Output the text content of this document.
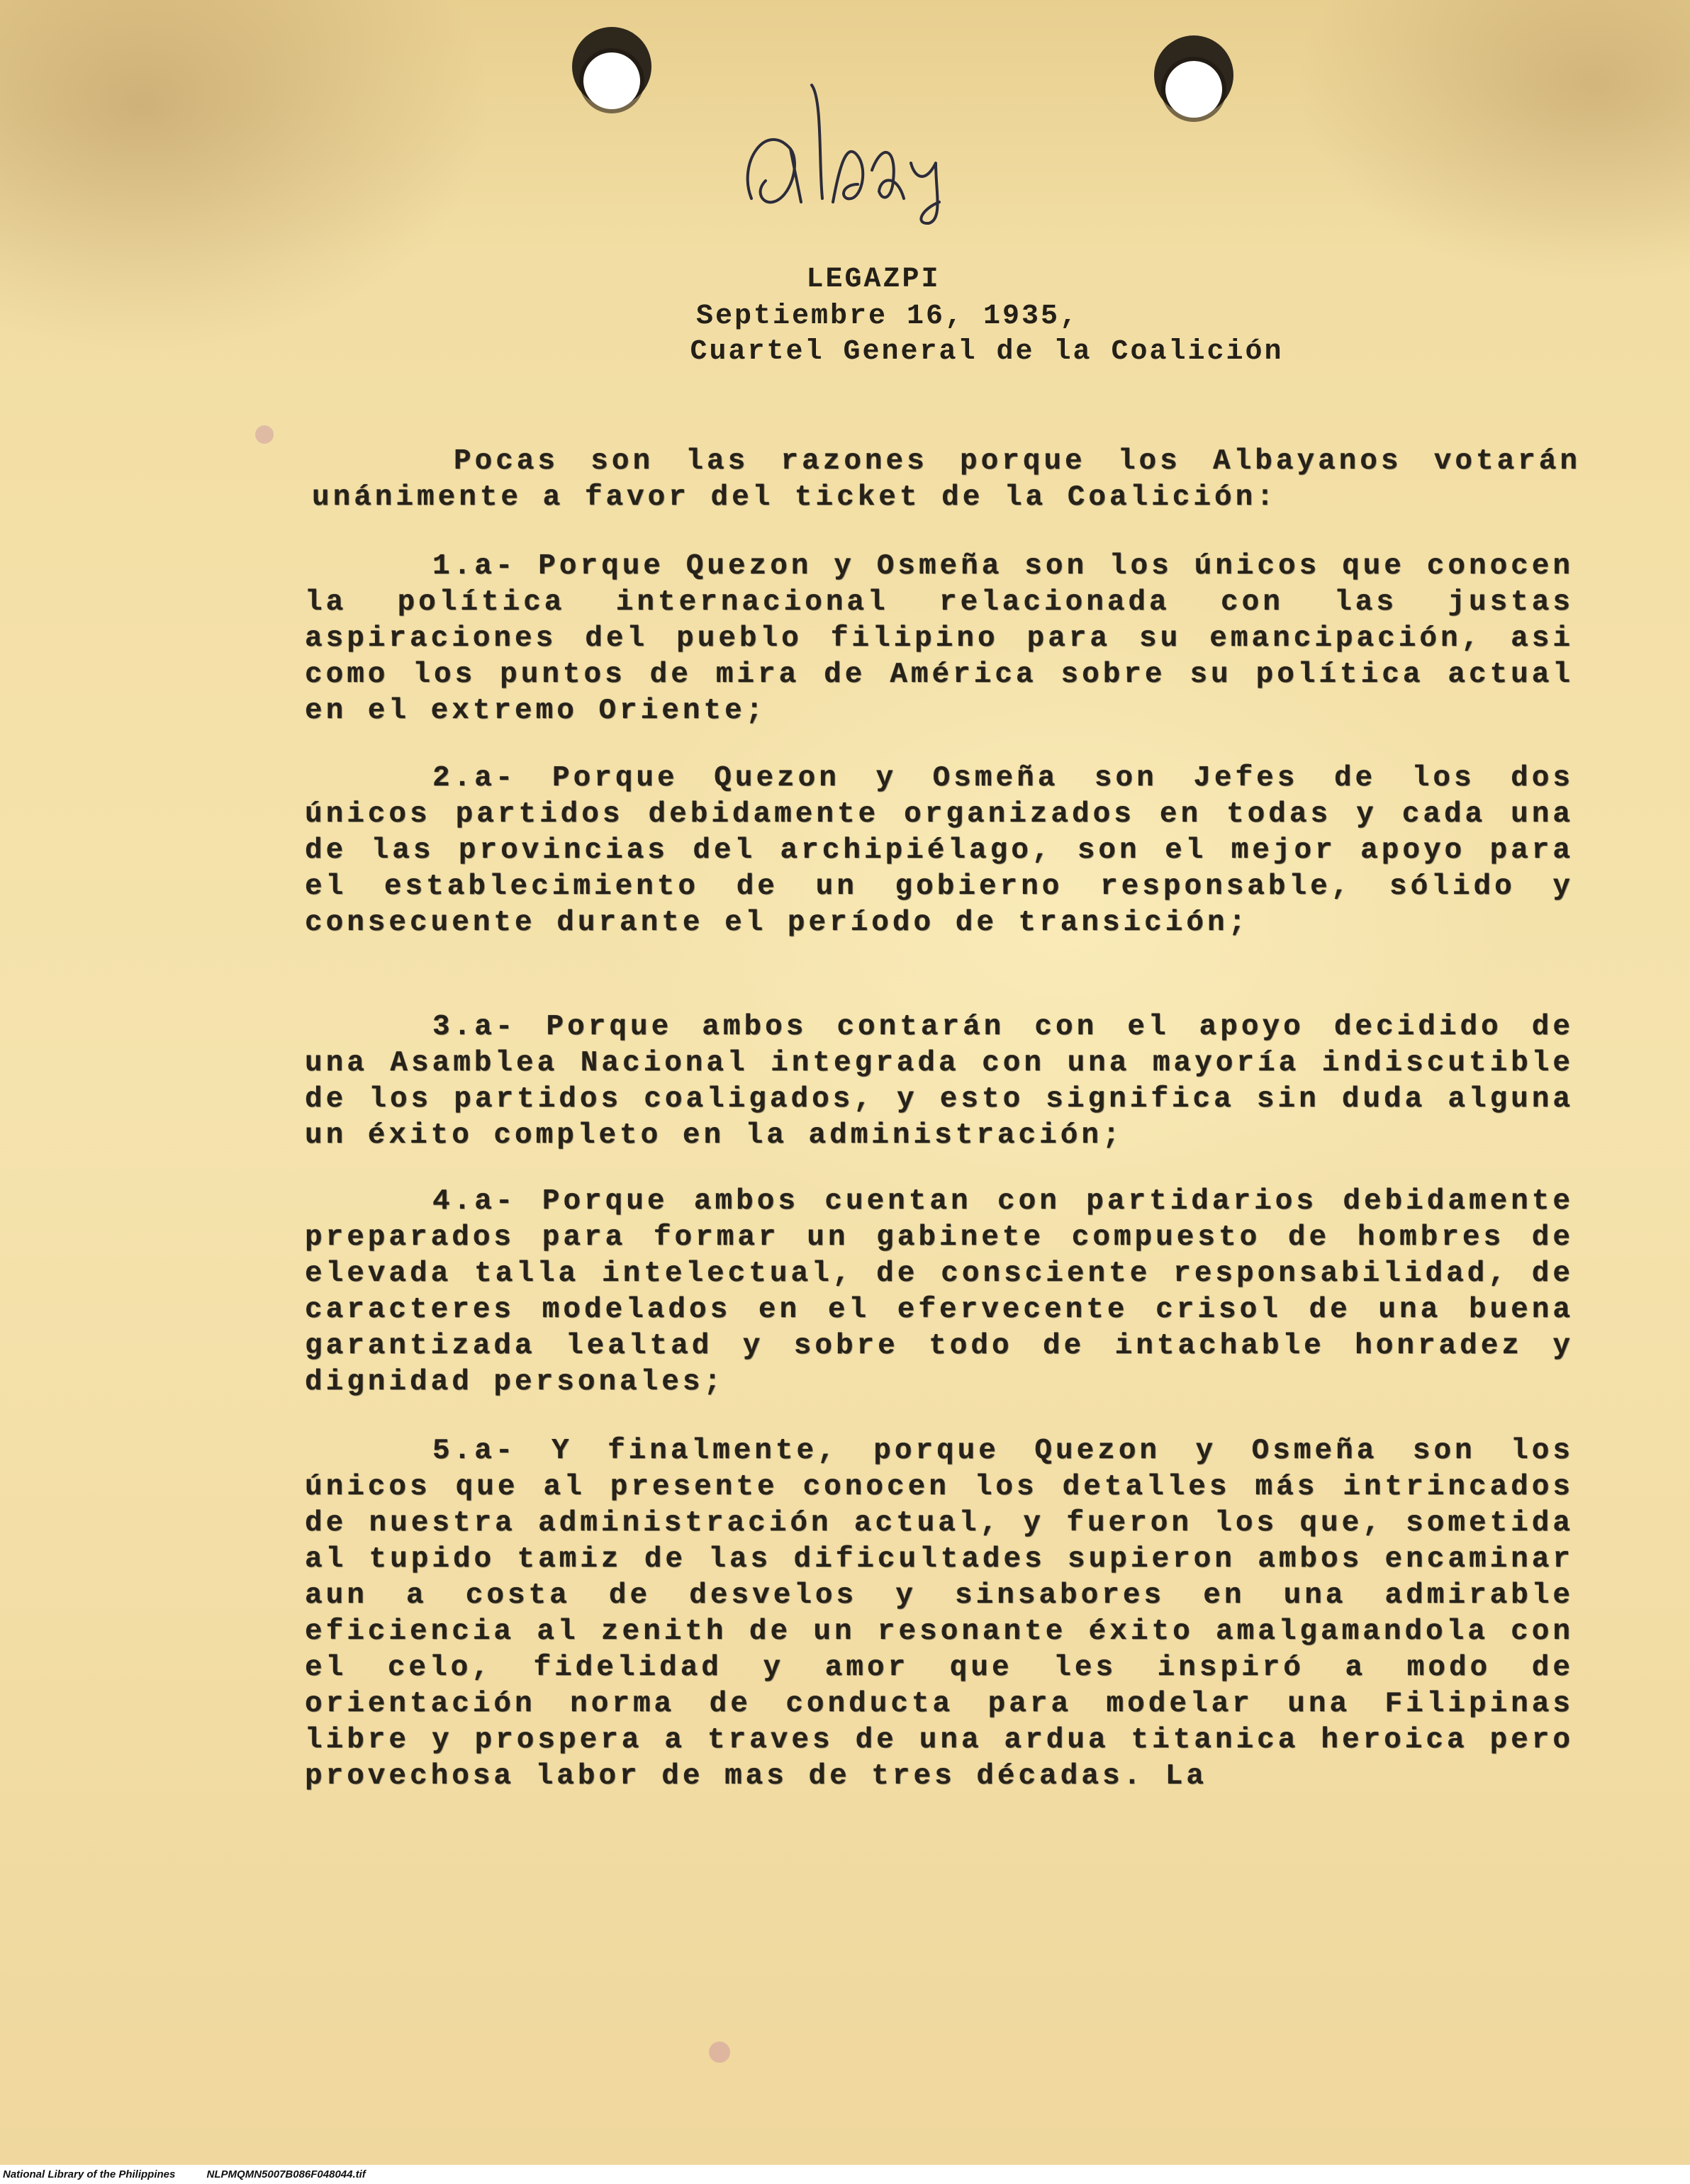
LEGAZPI
Septiembre 16, 1935,
Cuartel General de la Coalición
Pocas son las razones porque los Albayanos votarán unánimente a favor del ticket de la Coalición:
1.a- Porque Quezon y Osmeña son los únicos que conocen la política internacional relacionada con las justas aspiraciones del pueblo filipino para su emancipación, asi como los puntos de mira de América sobre su política actual en el extremo Oriente;
2.a- Porque Quezon y Osmeña son Jefes de los dos únicos partidos debidamente organizados en todas y cada una de las provincias del archipiélago, son el mejor apoyo para el establecimiento de un gobierno responsable, sólido y consecuente durante el período de transición;
3.a- Porque ambos contarán con el apoyo decidido de una Asamblea Nacional integrada con una mayoría indiscutible de los partidos coaligados, y esto significa sin duda alguna un éxito completo en la administración;
4.a- Porque ambos cuentan con partidarios debidamente preparados para formar un gabinete compuesto de hombres de elevada talla intelectual, de consciente responsabilidad, de caracteres modelados en el efervecente crisol de una buena garantizada lealtad y sobre todo de intachable honradez y dignidad personales;
5.a- Y finalmente, porque Quezon y Osmeña son los únicos que al presente conocen los detalles más intrincados de nuestra administración actual, y fueron los que, sometida al tupido tamiz de las dificultades supieron ambos encaminar aun a costa de desvelos y sinsabores en una admirable eficiencia al zenith de un resonante éxito amalgamandola con el celo, fidelidad y amor que les inspiró a modo de orientación norma de conducta para modelar una Filipinas libre y prospera a traves de una ardua titanica heroica pero provechosa labor de mas de tres décadas. La
National Library of the Philippines	NLPMQMN5007B086F048044.tif
